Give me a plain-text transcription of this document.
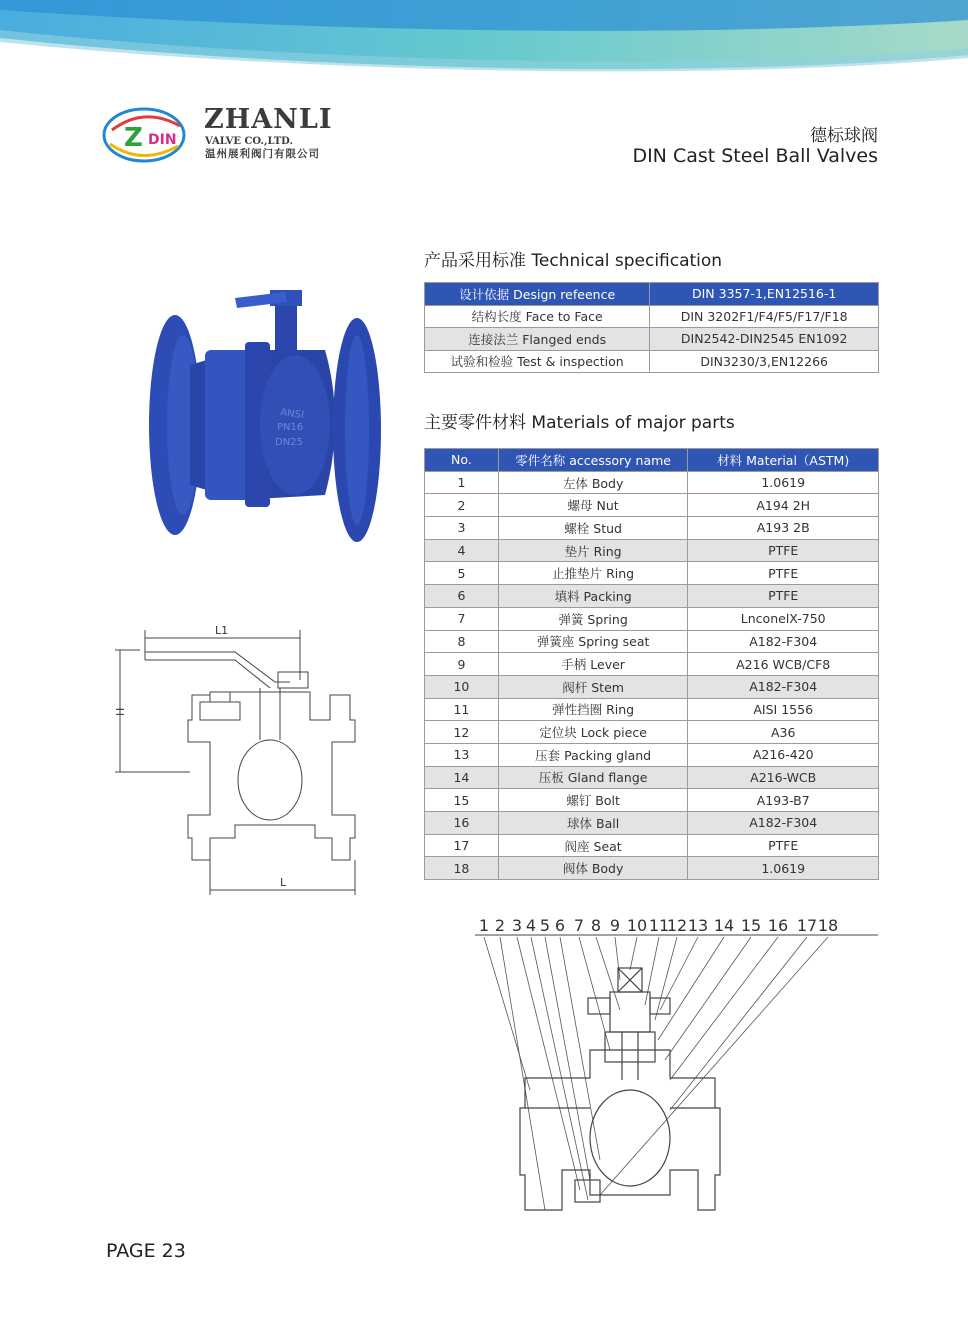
Z DIN
ZHANLI
VALVE CO.,LTD.
温州展利阀门有限公司
德标球阀
DIN Cast Steel Ball Valves
ANSI
PN16
DN25
L1
H
L
产品采用标准 Technical specification
设计依据 Design refeence	DIN 3357-1,EN12516-1
结构长度 Face to Face	DIN 3202F1/F4/F5/F17/F18
连接法兰 Flanged ends	DIN2542-DIN2545 EN1092
试验和检验 Test & inspection	DIN3230/3,EN12266
主要零件材料 Materials of major parts
No.	零件名称 accessory name	材料 Material（ASTM)
1	左体 Body	1.0619
2	螺母 Nut	A194 2H
3	螺栓 Stud	A193 2B
4	垫片 Ring	PTFE
5	止推垫片 Ring	PTFE
6	填料 Packing	PTFE
7	弹簧 Spring	LnconelX-750
8	弹簧座 Spring seat	A182-F304
9	手柄 Lever	A216 WCB/CF8
10	阀杆 Stem	A182-F304
11	弹性挡圈 Ring	AISI 1556
12	定位块 Lock piece	A36
13	压套 Packing gland	A216-420
14	压板 Gland flange	A216-WCB
15	螺钉 Bolt	A193-B7
16	球体 Ball	A182-F304
17	阀座 Seat	PTFE
18	阀体 Body	1.0619
1 2 3 4 5 6 7 8 9 10 11
12 13 14 15 16 17 18
PAGE 23
